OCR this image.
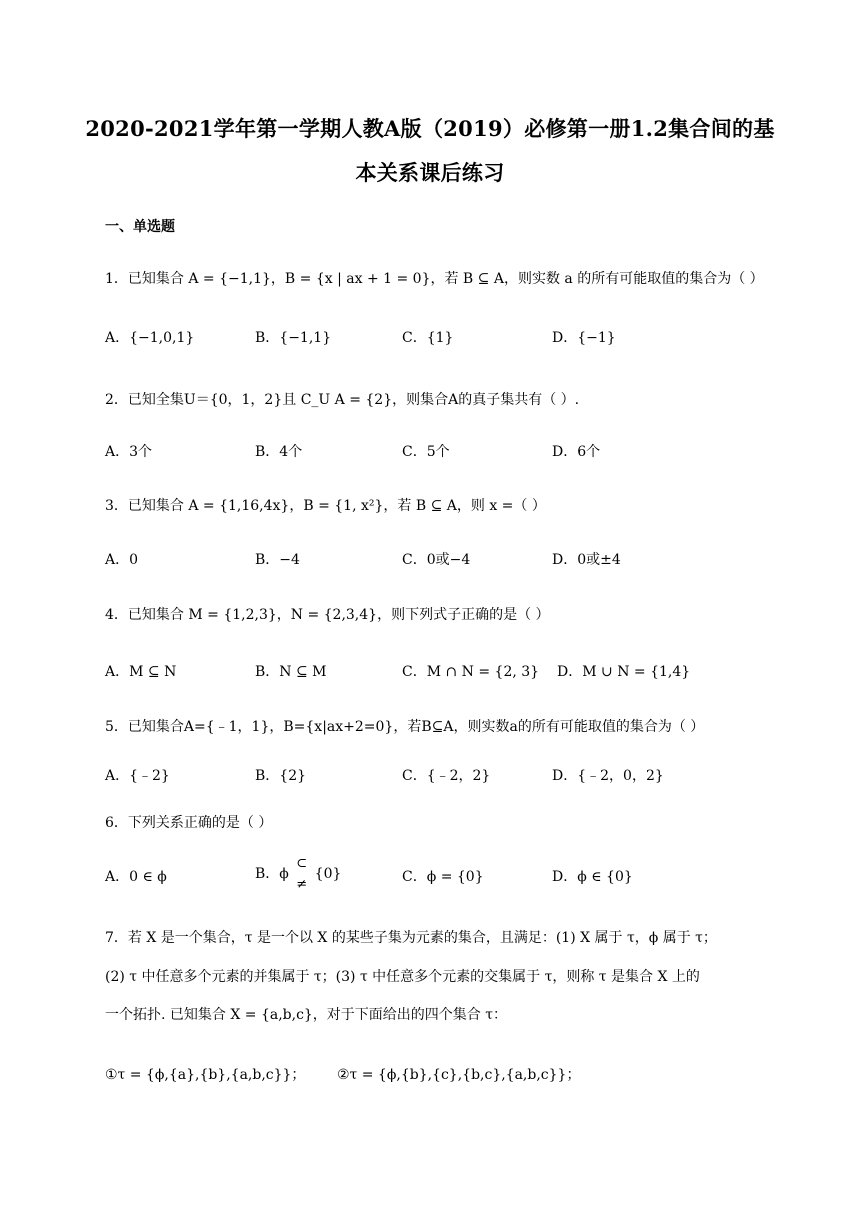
2020-2021学年第一学期人教A版（2019）必修第一册1.2集合间的基
本关系课后练习
一、单选题
1．已知集合 A = {−1,1}，B = {x | ax + 1 = 0}，若 B ⊆ A，则实数 a 的所有可能取值的集合为（ ）
A．{−1,0,1}	B．{−1,1}	C．{1}	D．{−1}
2．已知全集U＝{0，1，2}且 C_U A = {2}，则集合A的真子集共有（ ）.
A．3个	B．4个	C．5个	D．6个
3．已知集合 A = {1,16,4x}，B = {1, x²}，若 B ⊆ A，则 x =（ ）
A．0	B．−4	C．0或−4	D．0或±4
4．已知集合 M = {1,2,3}，N = {2,3,4}，则下列式子正确的是（ ）
A．M ⊆ N	B．N ⊆ M	C．M ∩ N = {2, 3} D．M ∪ N = {1,4}
5．已知集合A={﹣1，1}，B={x|ax+2=0}，若B⊆A，则实数a的所有可能取值的集合为（ ）
A．{﹣2}	B．{2}	C．{﹣2，2}	D．{﹣2，0，2}
6．下列关系正确的是（ ）
A．0 ∈ ϕ	B．ϕ
⊂

≠
{0}	C．ϕ = {0}	D．ϕ ∈ {0}
7．若 X 是一个集合，τ 是一个以 X 的某些子集为元素的集合，且满足：(1) X 属于 τ，ϕ 属于 τ；
(2) τ 中任意多个元素的并集属于 τ；(3) τ 中任意多个元素的交集属于 τ，则称 τ 是集合 X 上的
一个拓扑. 已知集合 X = {a,b,c}，对于下面给出的四个集合 τ：
①τ = {ϕ,{a},{b},{a,b,c}}； ②τ = {ϕ,{b},{c},{b,c},{a,b,c}}；
